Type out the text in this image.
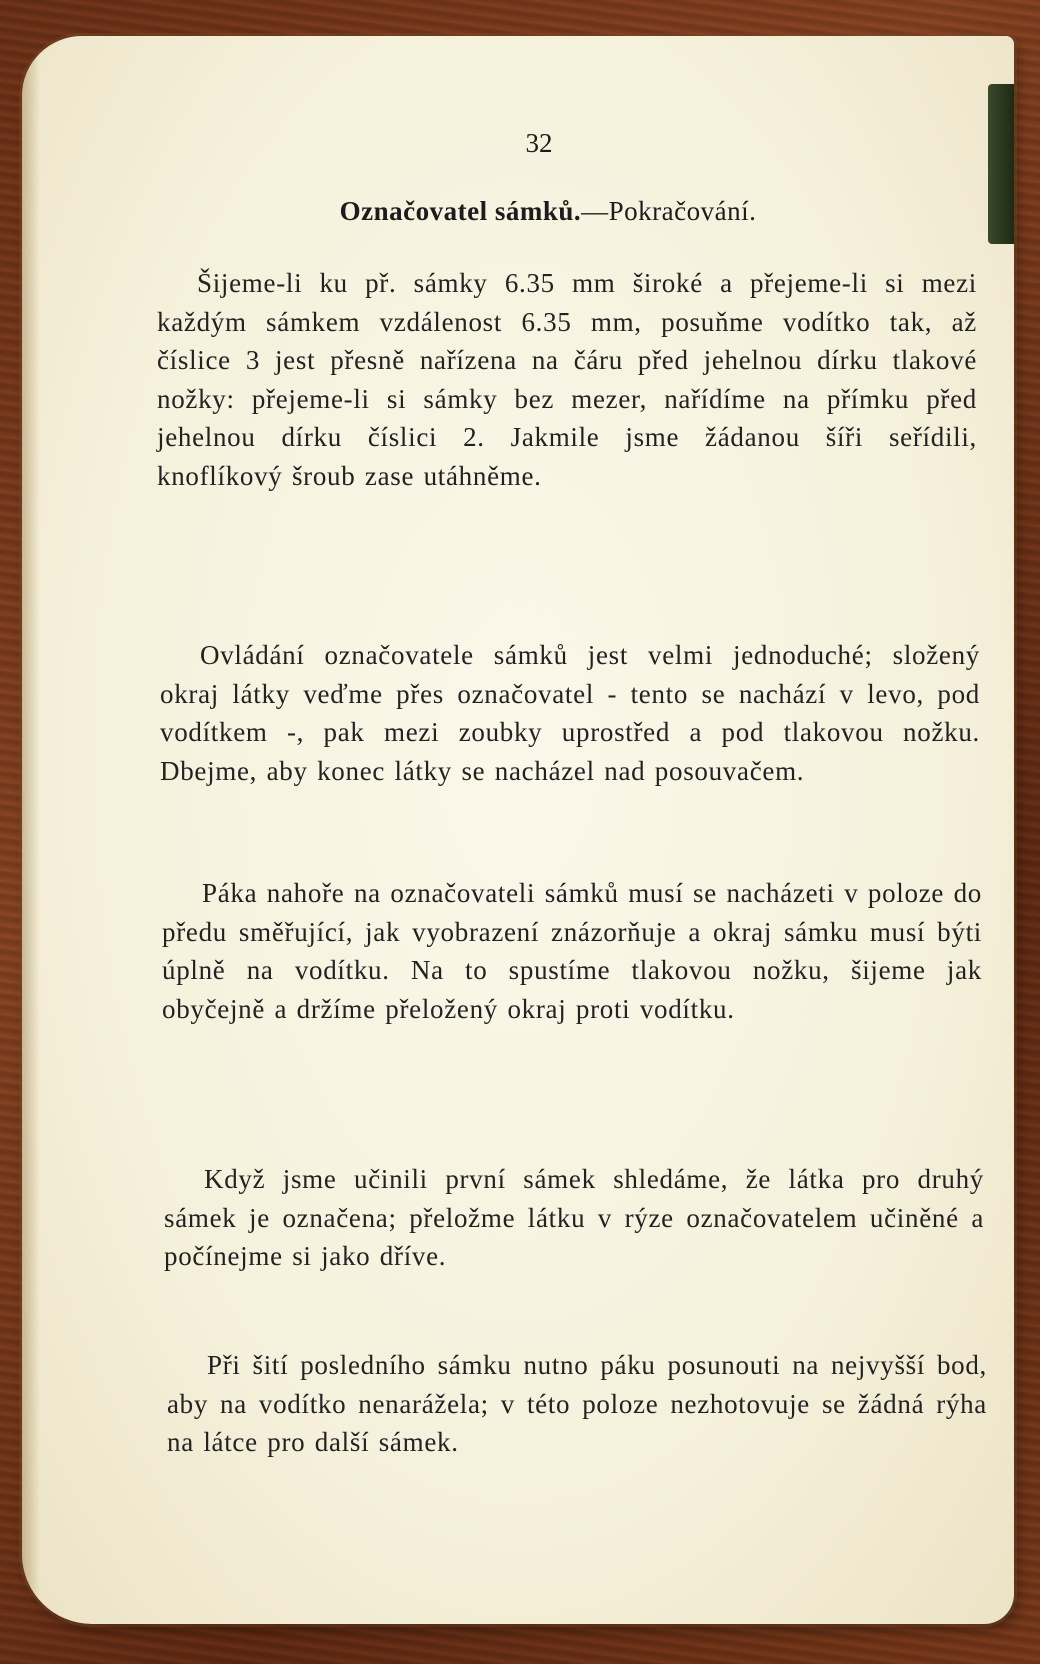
32
Označovatel sámků.—Pokračování.

Šijeme-li ku př. sámky 6.35 mm široké a přejeme-li si mezi každým sámkem vzdálenost 6.35 mm, posuňme vodítko tak, až číslice 3 jest přesně nařízena na čáru před jehelnou dírku tlakové nožky: přejeme-li si sámky bez mezer, nařídíme na přímku před jehelnou dírku číslici 2. Jakmile jsme žádanou šíři seřídili, knoflíkový šroub zase utáhněme.

Ovládání označovatele sámků jest velmi jednoduché; složený okraj látky veďme přes označovatel - tento se nachází v levo, pod vodítkem -, pak mezi zoubky uprostřed a pod tlakovou nožku. Dbejme, aby konec látky se nacházel nad posouvačem.

Páka nahoře na označovateli sámků musí se nacházeti v poloze do předu směřující, jak vyobrazení znázorňuje a okraj sámku musí býti úplně na vodítku. Na to spustíme tlakovou nožku, šijeme jak obyčejně a držíme přeložený okraj proti vodítku.

Když jsme učinili první sámek shledáme, že látka pro druhý sámek je označena; přeložme látku v rýze označovatelem učiněné a počínejme si jako dříve.

Při šití posledního sámku nutno páku posunouti na nejvyšší bod, aby na vodítko nenarážela; v této poloze nezhotovuje se žádná rýha na látce pro další sámek.
